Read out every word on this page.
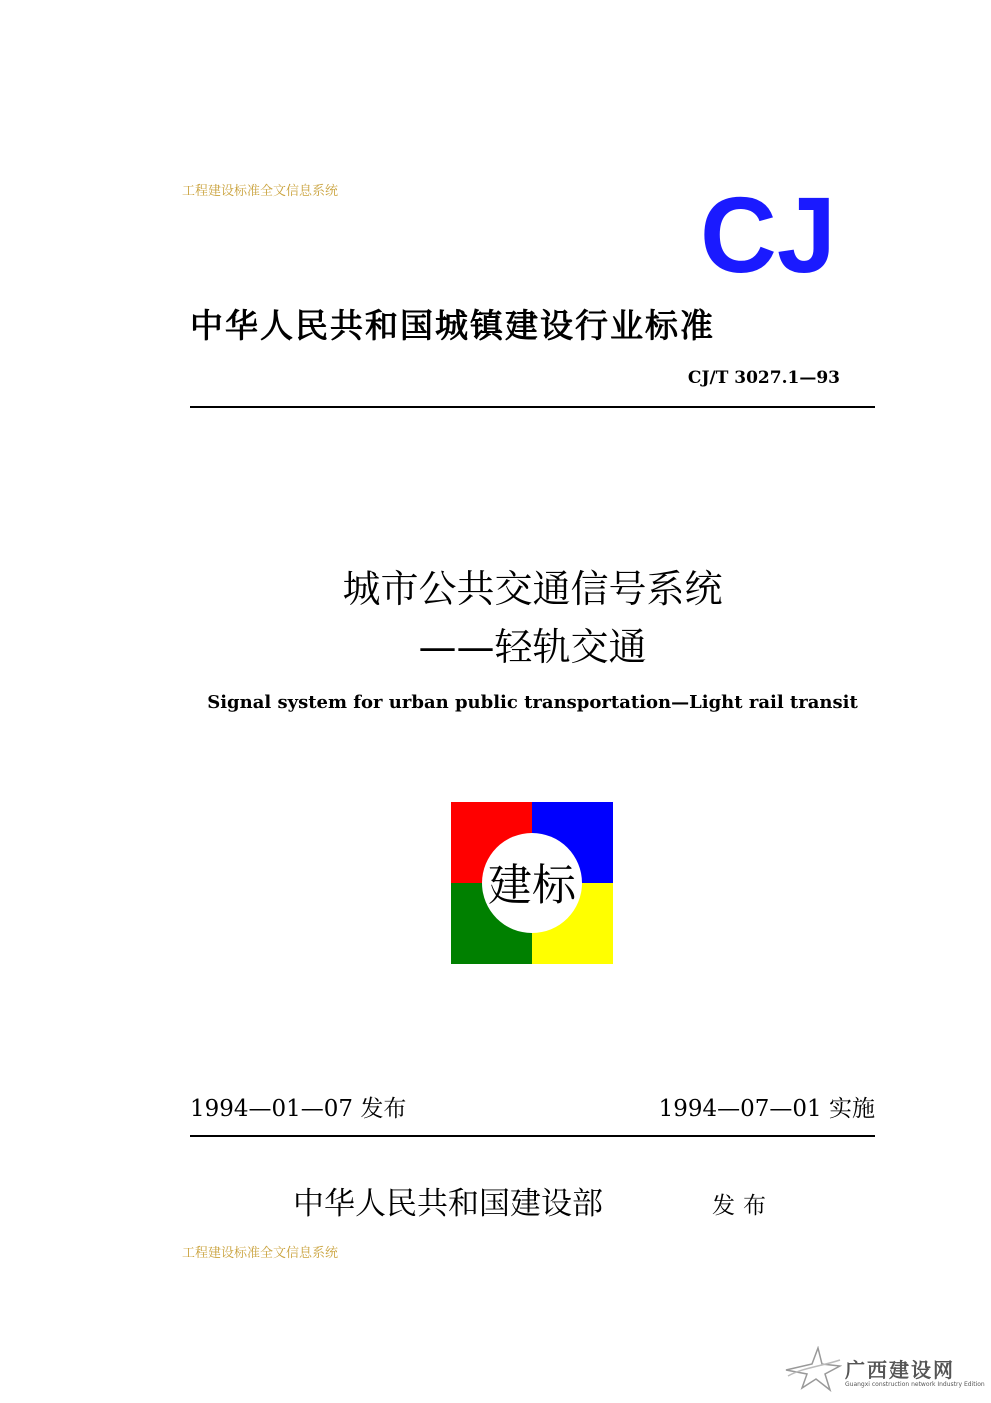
工程建设标准全文信息系统	CJ
中华人民共和国城镇建设行业标准
CJ/T 3027.1—93
城市公共交通信号系统
——轻轨交通
Signal system for urban public transportation—Light rail transit
建标
1994—01—07 发布	1994—07—01 实施
中华人民共和国建设部	发布
工程建设标准全文信息系统
广西建设网
Guangxi construction network Industry Edition
